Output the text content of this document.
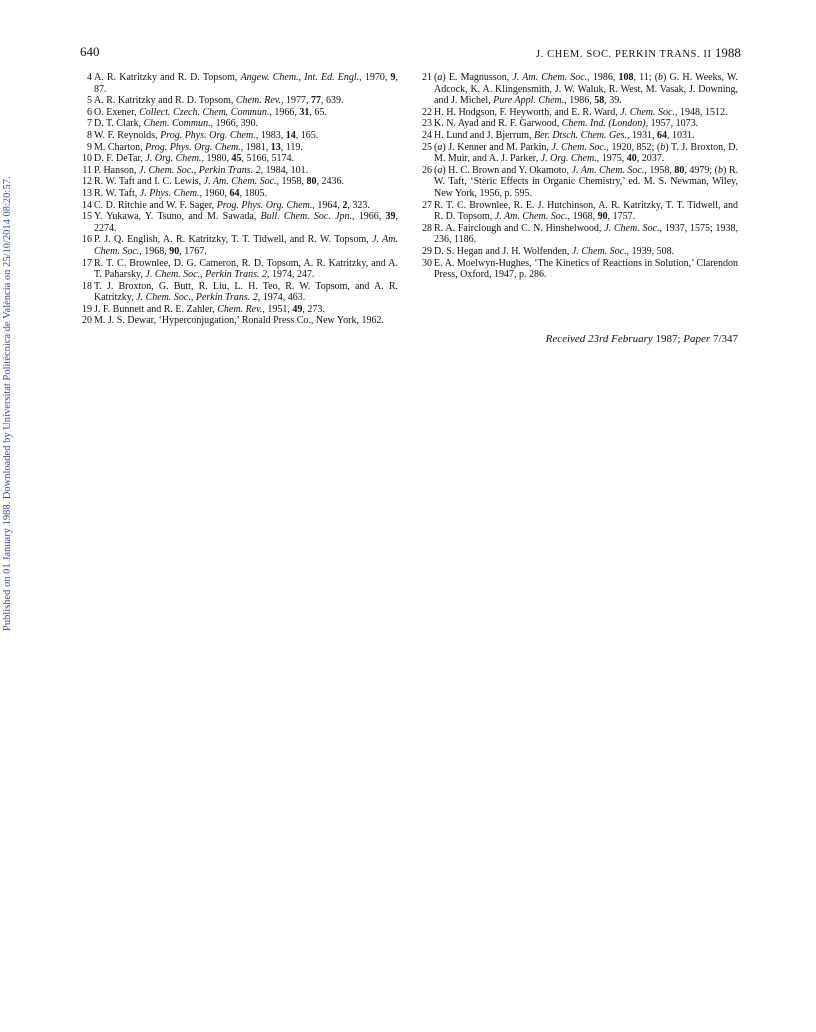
640	J. CHEM. SOC. PERKIN TRANS. II 1988
Published on 01 January 1988. Downloaded by Universitat Politècnica de València on 25/10/2014 08:20:57.
4 A. R. Katritzky and R. D. Topsom, Angew. Chem., Int. Ed. Engl., 1970, 9, 87.
5 A. R. Katritzky and R. D. Topsom, Chem. Rev., 1977, 77, 639.
6 O. Exener, Collect. Czech. Chem. Commun., 1966, 31, 65.
7 D. T. Clark, Chem. Commun., 1966, 390.
8 W. F. Reynolds, Prog. Phys. Org. Chem., 1983, 14, 165.
9 M. Charton, Prog. Phys. Org. Chem., 1981, 13, 119.
10 D. F. DeTar, J. Org. Chem., 1980, 45, 5166, 5174.
11 P. Hanson, J. Chem. Soc., Perkin Trans. 2, 1984, 101.
12 R. W. Taft and I. C. Lewis, J. Am. Chem. Soc., 1958, 80, 2436.
13 R. W. Taft, J. Phys. Chem., 1960, 64, 1805.
14 C. D. Ritchie and W. F. Sager, Prog. Phys. Org. Chem., 1964, 2, 323.
15 Y. Yukawa, Y. Tsuno, and M. Sawada, Bull. Chem. Soc. Jpn., 1966, 39, 2274.
16 P. J. Q. English, A. R. Katritzky, T. T. Tidwell, and R. W. Topsom, J. Am. Chem. Soc., 1968, 90, 1767.
17 R. T. C. Brownlee, D. G. Cameron, R. D. Topsom, A. R. Katritzky, and A. T. Paharsky, J. Chem. Soc., Perkin Trans. 2, 1974, 247.
18 T. J. Broxton, G. Butt, R. Liu, L. H. Teo, R. W. Topsom, and A. R. Katritzky, J. Chem. Soc., Perkin Trans. 2, 1974, 463.
19 J. F. Bunnett and R. E. Zahler, Chem. Rev., 1951, 49, 273.
20 M. J. S. Dewar, ‘Hyperconjugation,’ Ronald Press Co., New York, 1962.
21 (a) E. Magnusson, J. Am. Chem. Soc., 1986, 108, 11; (b) G. H. Weeks, W. Adcock, K. A. Klingensmith, J. W. Waluk, R. West, M. Vasak, J. Downing, and J. Michel, Pure Appl. Chem., 1986, 58, 39.
22 H. H. Hodgson, F. Heyworth, and E. R. Ward, J. Chem. Soc., 1948, 1512.
23 K. N. Ayad and R. F. Garwood, Chem. Ind. (London), 1957, 1073.
24 H. Lund and J. Bjerrum, Ber. Dtsch. Chem. Ges., 1931, 64, 1031.
25 (a) J. Kenner and M. Parkin, J. Chem. Soc., 1920, 852; (b) T. J. Broxton, D. M. Muir, and A. J. Parker, J. Org. Chem., 1975, 40, 2037.
26 (a) H. C. Brown and Y. Okamoto, J. Am. Chem. Soc., 1958, 80, 4979; (b) R. W. Taft, ‘Steric Effects in Organic Chemistry,’ ed. M. S. Newman, Wiley, New York, 1956, p. 595.
27 R. T. C. Brownlee, R. E. J. Hutchinson, A. R. Katritzky, T. T. Tidwell, and R. D. Topsom, J. Am. Chem. Soc., 1968, 90, 1757.
28 R. A. Fairclough and C. N. Hinshelwood, J. Chem. Soc., 1937, 1575; 1938, 236, 1186.
29 D. S. Hegan and J. H. Wolfenden, J. Chem. Soc., 1939, 508.
30 E. A. Moelwyn-Hughes, ‘The Kinetics of Reactions in Solution,’ Clarendon Press, Oxford, 1947, p. 286.
Received 23rd February 1987; Paper 7/347
